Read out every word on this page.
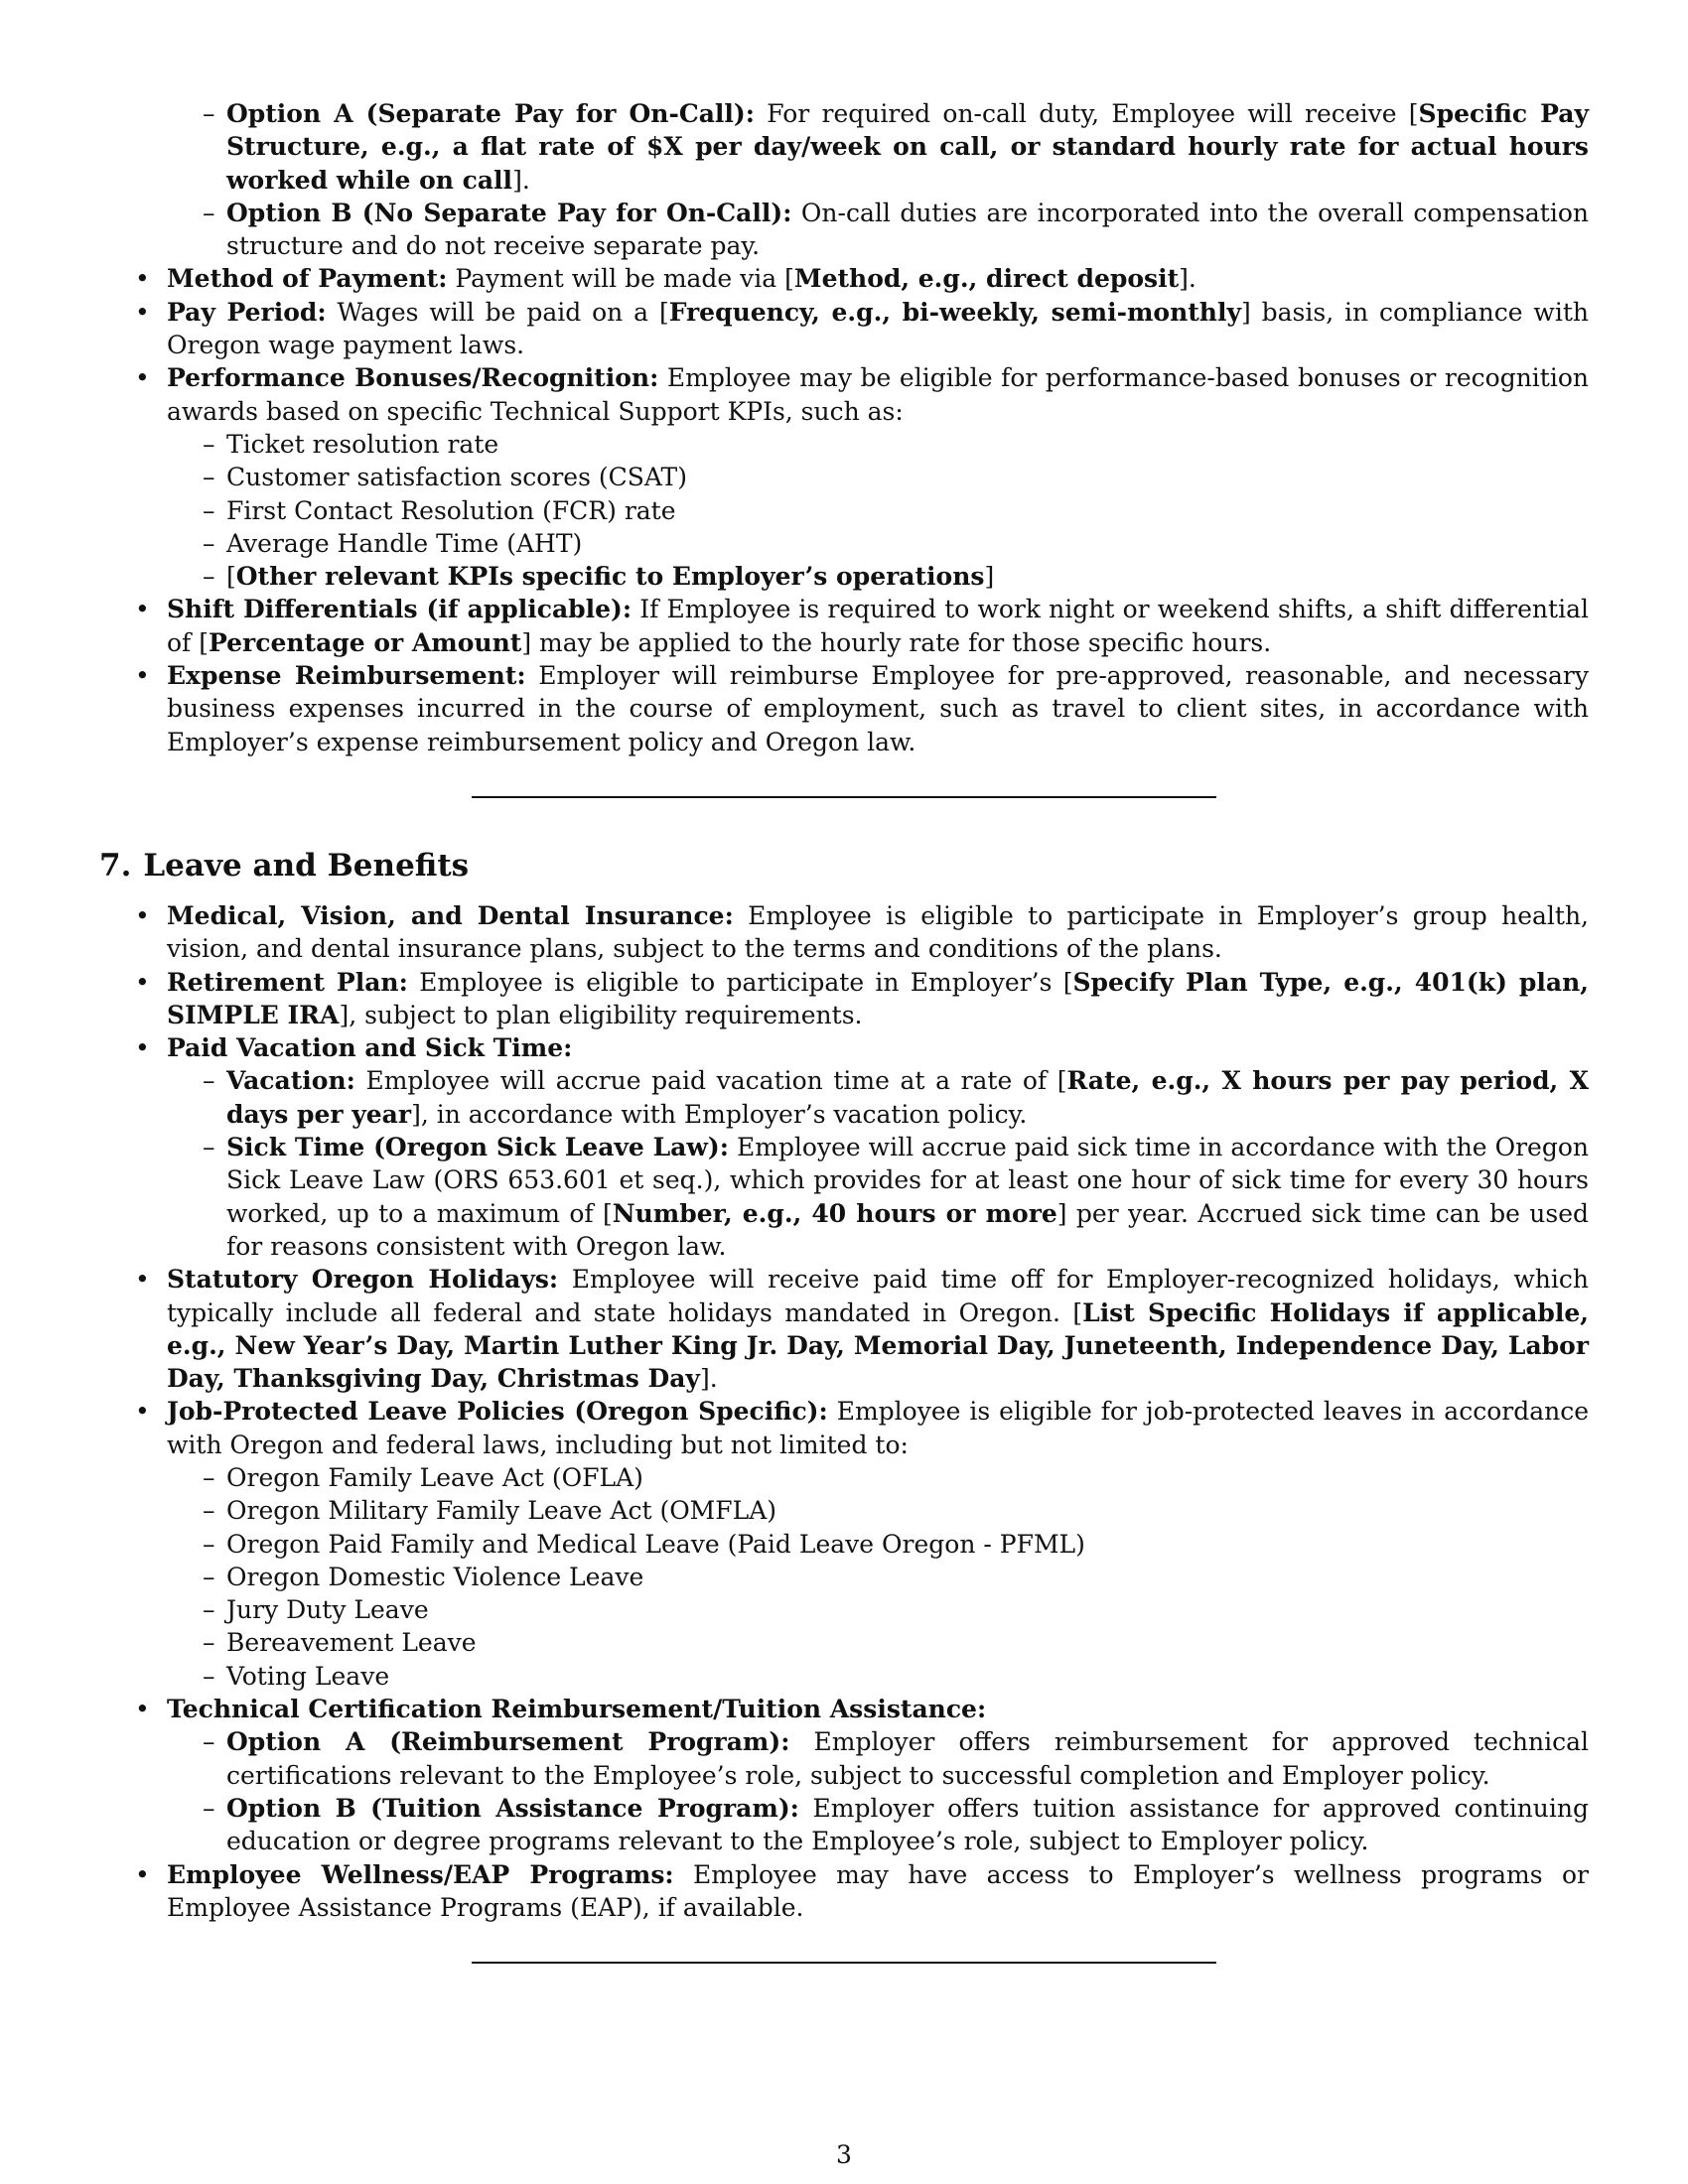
– Option A (Separate Pay for On-Call): For required on-call duty, Employee will receive [Specific Pay Structure, e.g., a flat rate of $X per day/week on call, or standard hourly rate for actual hours worked while on call].
– Option B (No Separate Pay for On-Call): On-call duties are incorporated into the overall compensation structure and do not receive separate pay.
• Method of Payment: Payment will be made via [Method, e.g., direct deposit].
• Pay Period: Wages will be paid on a [Frequency, e.g., bi-weekly, semi-monthly] basis, in compliance with Oregon wage payment laws.
• Performance Bonuses/Recognition: Employee may be eligible for performance-based bonuses or recognition awards based on specific Technical Support KPIs, such as:
– Ticket resolution rate
– Customer satisfaction scores (CSAT)
– First Contact Resolution (FCR) rate
– Average Handle Time (AHT)
– [Other relevant KPIs specific to Employer’s operations]
• Shift Differentials (if applicable): If Employee is required to work night or weekend shifts, a shift differential of [Percentage or Amount] may be applied to the hourly rate for those specific hours.
• Expense Reimbursement: Employer will reimburse Employee for pre-approved, reasonable, and necessary business expenses incurred in the course of employment, such as travel to client sites, in accordance with Employer’s expense reimbursement policy and Oregon law.
7. Leave and Benefits
• Medical, Vision, and Dental Insurance: Employee is eligible to participate in Employer’s group health, vision, and dental insurance plans, subject to the terms and conditions of the plans.
• Retirement Plan: Employee is eligible to participate in Employer’s [Specify Plan Type, e.g., 401(k) plan, SIMPLE IRA], subject to plan eligibility requirements.
• Paid Vacation and Sick Time:
– Vacation: Employee will accrue paid vacation time at a rate of [Rate, e.g., X hours per pay period, X days per year], in accordance with Employer’s vacation policy.
– Sick Time (Oregon Sick Leave Law): Employee will accrue paid sick time in accordance with the Oregon Sick Leave Law (ORS 653.601 et seq.), which provides for at least one hour of sick time for every 30 hours worked, up to a maximum of [Number, e.g., 40 hours or more] per year. Accrued sick time can be used for reasons consistent with Oregon law.
• Statutory Oregon Holidays: Employee will receive paid time off for Employer-recognized holidays, which typically include all federal and state holidays mandated in Oregon. [List Specific Holidays if applicable, e.g., New Year’s Day, Martin Luther King Jr. Day, Memorial Day, Juneteenth, Independence Day, Labor Day, Thanksgiving Day, Christmas Day].
• Job-Protected Leave Policies (Oregon Specific): Employee is eligible for job-protected leaves in accordance with Oregon and federal laws, including but not limited to:
– Oregon Family Leave Act (OFLA)
– Oregon Military Family Leave Act (OMFLA)
– Oregon Paid Family and Medical Leave (Paid Leave Oregon - PFML)
– Oregon Domestic Violence Leave
– Jury Duty Leave
– Bereavement Leave
– Voting Leave
• Technical Certification Reimbursement/Tuition Assistance:
– Option A (Reimbursement Program): Employer offers reimbursement for approved technical certifications relevant to the Employee’s role, subject to successful completion and Employer policy.
– Option B (Tuition Assistance Program): Employer offers tuition assistance for approved continuing education or degree programs relevant to the Employee’s role, subject to Employer policy.
• Employee Wellness/EAP Programs: Employee may have access to Employer’s wellness programs or Employee Assistance Programs (EAP), if available.
3
